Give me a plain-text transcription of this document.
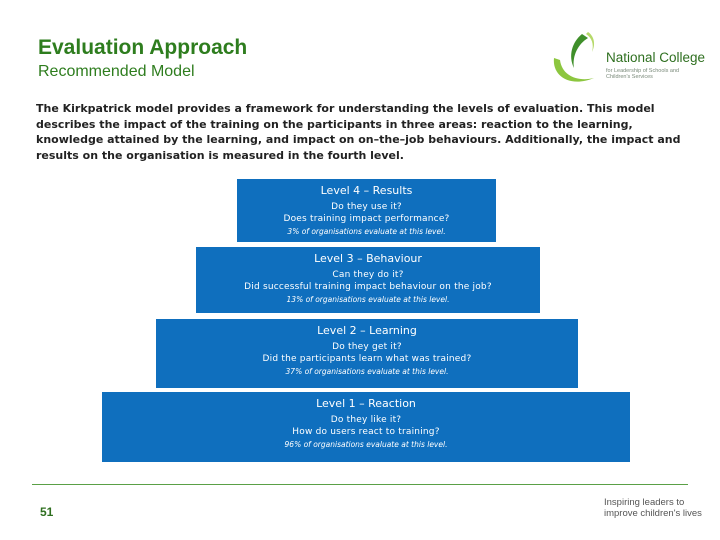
Evaluation Approach
Recommended Model
National College
for Leadership of Schools and Children's Services
The Kirkpatrick model provides a framework for understanding the levels of evaluation. This model describes the impact of the training on the participants in three areas: reaction to the learning, knowledge attained by the learning, and impact on on–the–job behaviours. Additionally, the impact and results on the organisation is measured in the fourth level.
Level 4 – Results
Do they use it?
Does training impact performance?
3% of organisations evaluate at this level.
Level 3 – Behaviour
Can they do it?
Did successful training impact behaviour on the job?
13% of organisations evaluate at this level.
Level 2 – Learning
Do they get it?
Did the participants learn what was trained?
37% of organisations evaluate at this level.
Level 1 – Reaction
Do they like it?
How do users react to training?
96% of organisations evaluate at this level.
51
Inspiring leaders to improve children's lives
